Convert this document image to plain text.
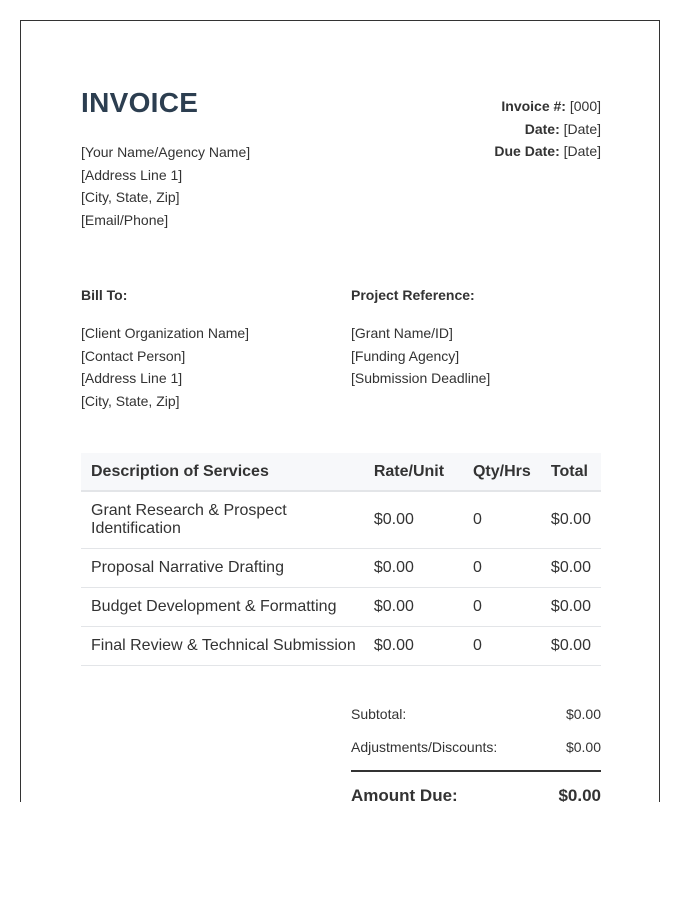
INVOICE
[Your Name/Agency Name]
[Address Line 1]
[City, State, Zip]
[Email/Phone]
Invoice #: [000]
Date: [Date]
Due Date: [Date]
Bill To:
[Client Organization Name]
[Contact Person]
[Address Line 1]
[City, State, Zip]
Project Reference:
[Grant Name/ID]
[Funding Agency]
[Submission Deadline]
Description of Services	Rate/Unit	Qty/Hrs	Total
Grant Research & Prospect Identification	$0.00	0	$0.00
Proposal Narrative Drafting	$0.00	0	$0.00
Budget Development & Formatting	$0.00	0	$0.00
Final Review & Technical Submission	$0.00	0	$0.00
Subtotal:	$0.00
Adjustments/Discounts:	$0.00
Amount Due:	$0.00
